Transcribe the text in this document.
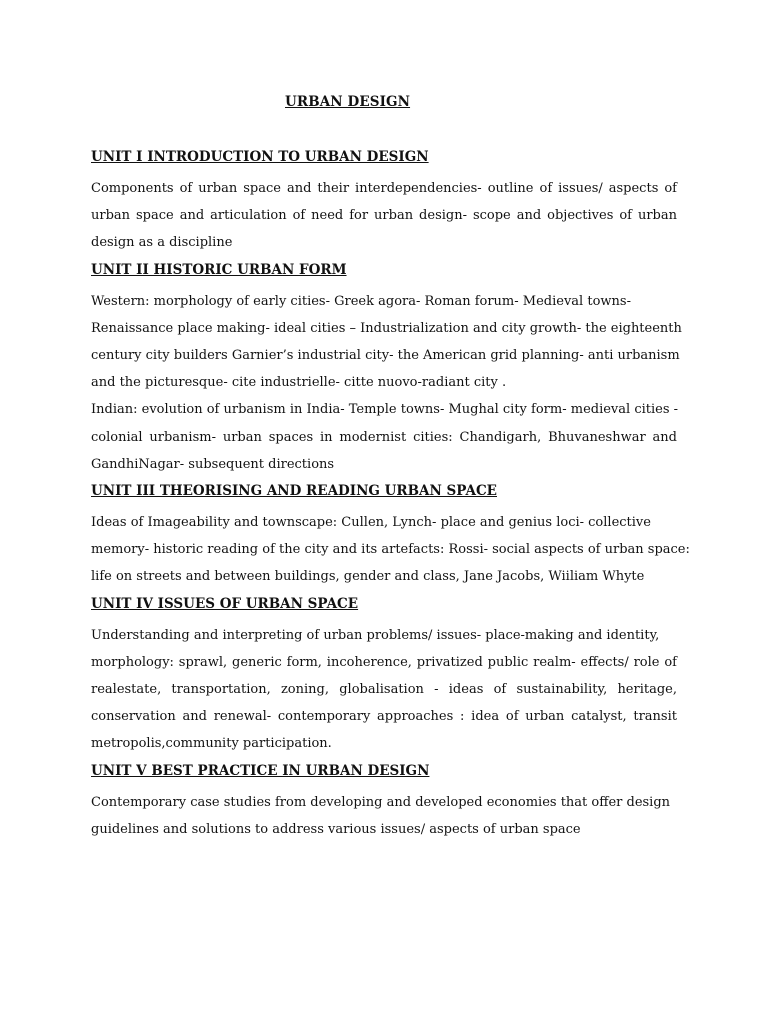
URBAN DESIGN
UNIT I INTRODUCTION TO URBAN DESIGN
Components of urban space and their interdependencies- outline of issues/ aspects of
urban space and articulation of need for urban design- scope and objectives of urban
design as a discipline
UNIT II HISTORIC URBAN FORM
Western: morphology of early cities- Greek agora- Roman forum- Medieval towns-
Renaissance place making- ideal cities – Industrialization and city growth- the eighteenth
century city builders Garnier’s industrial city- the American grid planning- anti urbanism
and the picturesque- cite industrielle- citte nuovo-radiant city .
Indian: evolution of urbanism in India- Temple towns- Mughal city form- medieval cities -
colonial urbanism- urban spaces in modernist cities: Chandigarh, Bhuvaneshwar and
GandhiNagar- subsequent directions
UNIT III THEORISING AND READING URBAN SPACE
Ideas of Imageability and townscape: Cullen, Lynch- place and genius loci- collective
memory- historic reading of the city and its artefacts: Rossi- social aspects of urban space:
life on streets and between buildings, gender and class, Jane Jacobs, Wiiliam Whyte
UNIT IV ISSUES OF URBAN SPACE
Understanding and interpreting of urban problems/ issues- place-making and identity,
morphology: sprawl, generic form, incoherence, privatized public realm- effects/ role of
realestate, transportation, zoning, globalisation - ideas of sustainability, heritage,
conservation and renewal- contemporary approaches : idea of urban catalyst, transit
metropolis,community participation.
UNIT V BEST PRACTICE IN URBAN DESIGN
Contemporary case studies from developing and developed economies that offer design
guidelines and solutions to address various issues/ aspects of urban space
